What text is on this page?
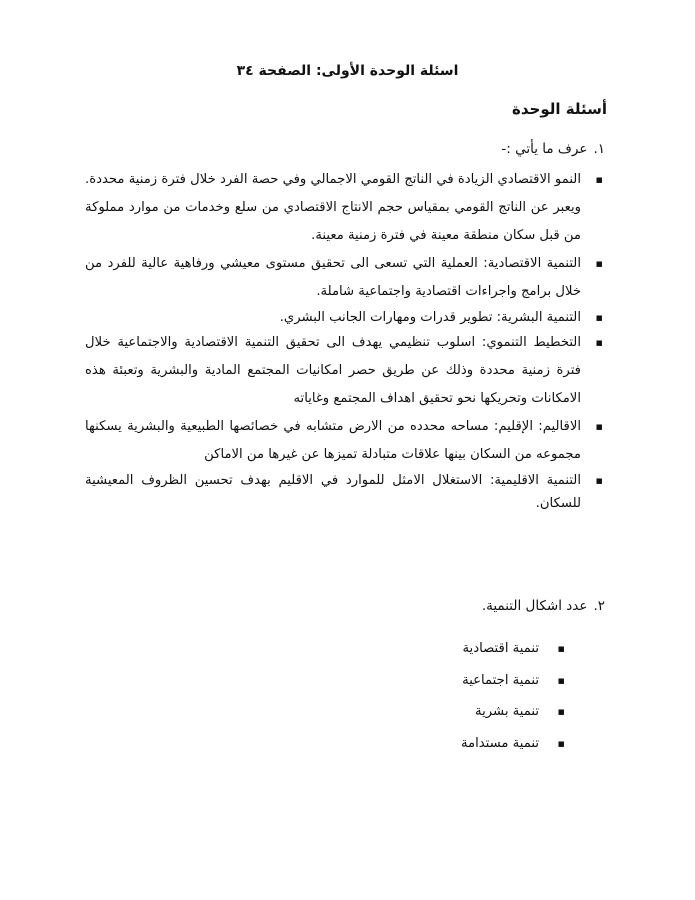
اسئلة الوحدة الأولى: الصفحة ٣٤
أسئلة الوحدة

١.عرف ما يأتي :-

▪ النمو الاقتصادي الزيادة في الناتج القومي الاجمالي وفي حصة الفرد خلال فترة زمنية محددة. ويعبر عن الناتج القومي بمقياس حجم الانتاج الاقتصادي من سلع وخدمات من موارد مملوكة من قبل سكان منطقة معينة في فترة زمنية معينة.
▪ التنمية الاقتصادية: العملية التي تسعى الى تحقيق مستوى معيشي ورفاهية عالية للفرد من خلال برامج واجراءات اقتصادية واجتماعية شاملة.
▪ التنمية البشرية: تطوير قدرات ومهارات الجانب البشري.
▪ التخطيط التنموي: اسلوب تنظيمي يهدف الى تحقيق التنمية الاقتصادية والاجتماعية خلال فترة زمنية محددة وذلك عن طريق حصر امكانيات المجتمع المادية والبشرية وتعبئة هذه الامكانات وتحريكها نحو تحقيق اهداف المجتمع وغاياته
▪ الاقاليم: الإقليم: مساحه محدده من الارض متشابه في خصائصها الطبيعية والبشرية يسكنها مجموعه من السكان بينها علاقات متبادلة تميزها عن غيرها من الاماكن
▪ التنمية الاقليمية: الاستغلال الامثل للموارد في الاقليم بهدف تحسين الظروف المعيشية للسكان.

٢.عدد اشكال التنمية.

▪ تنمية اقتصادية
▪ تنمية اجتماعية
▪ تنمية بشرية
▪ تنمية مستدامة
